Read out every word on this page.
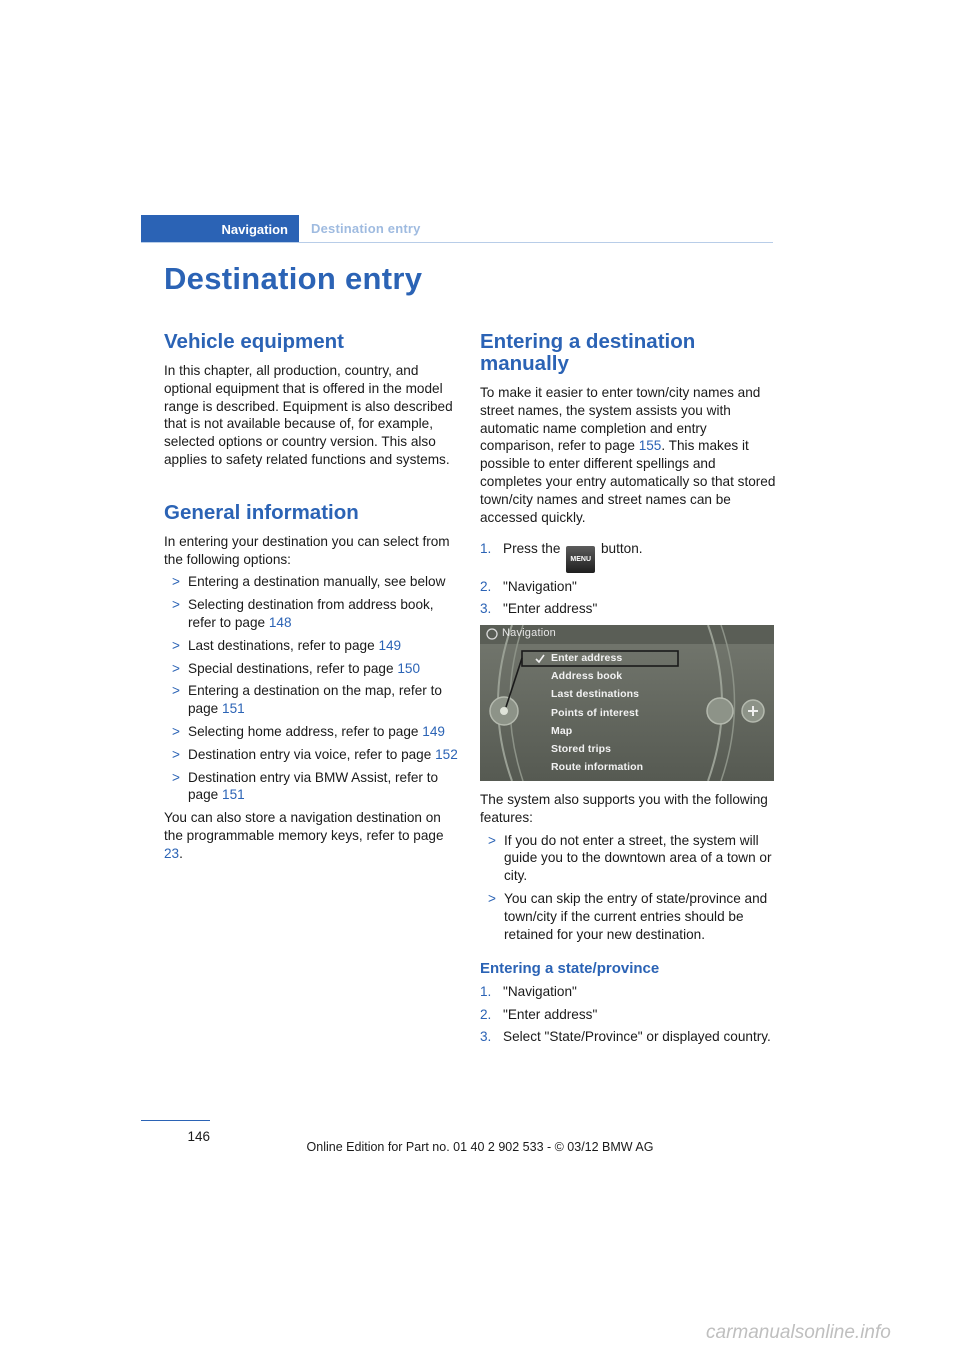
Navigation	Destination entry
Destination entry
Vehicle equipment

In this chapter, all production, country, and optional equipment that is offered in the model range is described. Equipment is also described that is not available because of, for example, selected options or country version. This also applies to safety related functions and systems.

General information

In entering your destination you can select from the following options:

> Entering a destination manually, see below
> Selecting destination from address book, refer to page 148
> Last destinations, refer to page 149
> Special destinations, refer to page 150
> Entering a destination on the map, refer to page 151
> Selecting home address, refer to page 149
> Destination entry via voice, refer to page 152
> Destination entry via BMW Assist, refer to page 151

You can also store a navigation destination on the programmable memory keys, refer to page 23.

Entering a destination manually

To make it easier to enter town/city names and street names, the system assists you with automatic name completion and entry comparison, refer to page 155. This makes it possible to enter different spellings and completes your entry automatically so that stored town/city names and street names can be accessed quickly.

1. Press the MENU button.
2. "Navigation"
3. "Enter address"
Navigation
Enter address
Address book
Last destinations
Points of interest
Map
Stored trips
Route information

The system also supports you with the following features:

> If you do not enter a street, the system will guide you to the downtown area of a town or city.
> You can skip the entry of state/province and town/city if the current entries should be retained for your new destination.
Entering a state/province
1. "Navigation"
2. "Enter address"
3. Select "State/Province" or displayed country.
146
Online Edition for Part no. 01 40 2 902 533 - © 03/12 BMW AG
carmanualsonline.info
